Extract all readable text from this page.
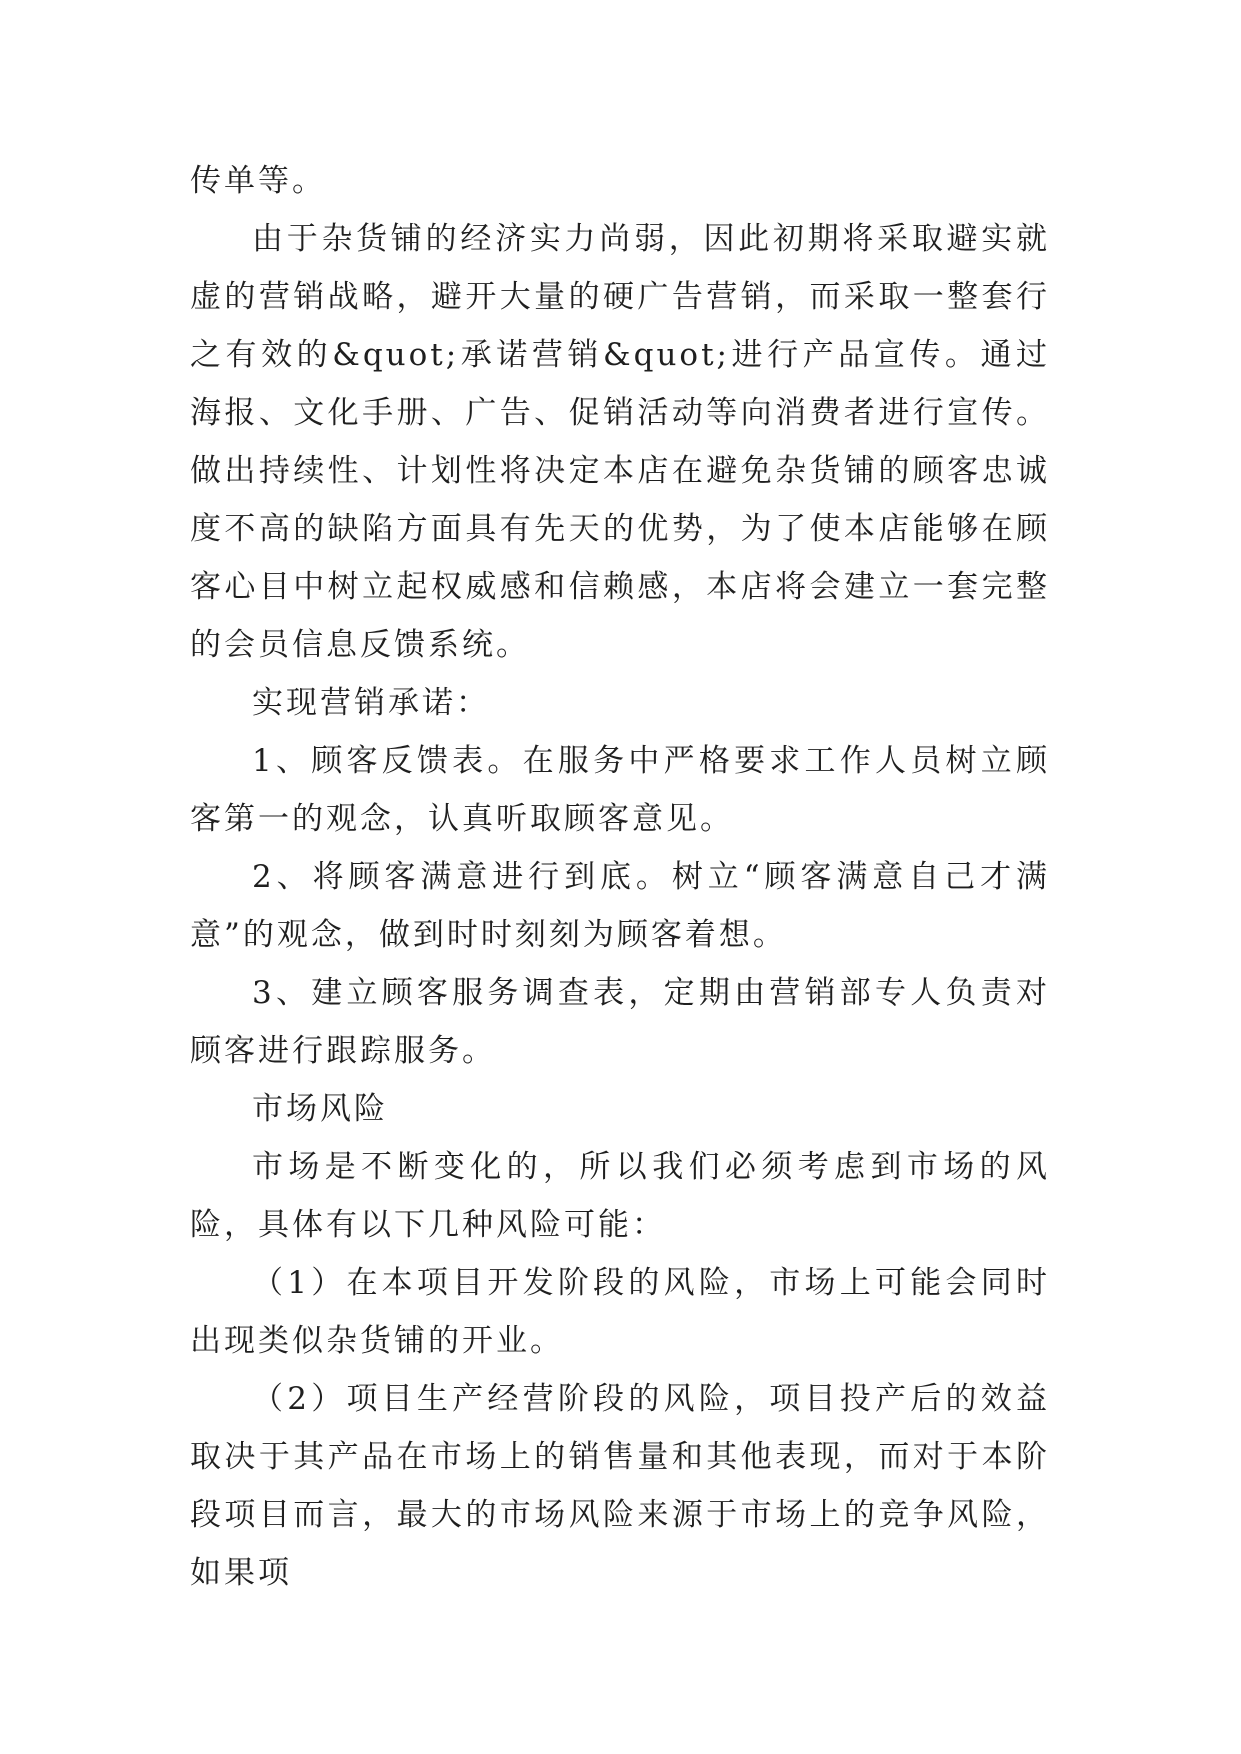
传单等。

由于杂货铺的经济实力尚弱，因此初期将采取避实就虚的营销战略，避开大量的硬广告营销，而采取一整套行之有效的&quot;承诺营销&quot;进行产品宣传。通过海报、文化手册、广告、促销活动等向消费者进行宣传。做出持续性、计划性将决定本店在避免杂货铺的顾客忠诚度不高的缺陷方面具有先天的优势，为了使本店能够在顾客心目中树立起权威感和信赖感，本店将会建立一套完整的会员信息反馈系统。

实现营销承诺：

1、顾客反馈表。在服务中严格要求工作人员树立顾客第一的观念，认真听取顾客意见。

2、将顾客满意进行到底。树立“顾客满意自己才满意”的观念，做到时时刻刻为顾客着想。

3、建立顾客服务调查表，定期由营销部专人负责对顾客进行跟踪服务。

市场风险

市场是不断变化的，所以我们必须考虑到市场的风险，具体有以下几种风险可能：

（1）在本项目开发阶段的风险，市场上可能会同时出现类似杂货铺的开业。

（2）项目生产经营阶段的风险，项目投产后的效益取决于其产品在市场上的销售量和其他表现，而对于本阶段项目而言，最大的市场风险来源于市场上的竞争风险，如果项
